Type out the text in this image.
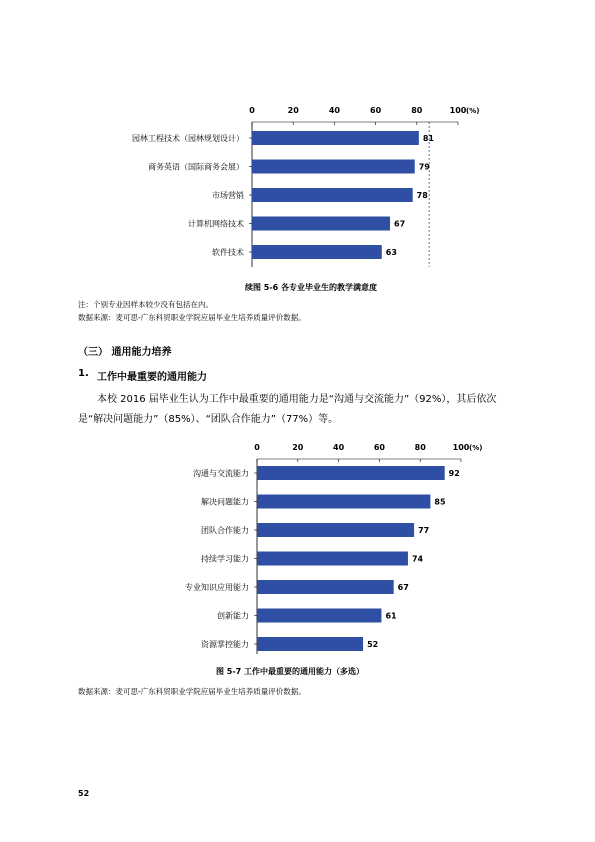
0	20	40	60	80	100 (%)
园林工程技术（园林规划设计）	81
商务英语（国际商务会展）	79
市场营销	78
计算机网络技术	67
软件技术	63
续图 5-6 各专业毕业生的教学满意度
注：个别专业因样本较少没有包括在内。
数据来源：麦可思-广东科贸职业学院应届毕业生培养质量评价数据。
（三） 通用能力培养
1. 工作中最重要的通用能力
本校 2016 届毕业生认为工作中最重要的通用能力是“沟通与交流能力”（92%），其后依次
是“解决问题能力”（85%）、“团队合作能力”（77%）等。
0	20	40	60	80	100 (%)
沟通与交流能力	92
解决问题能力	85
团队合作能力	77
持续学习能力	74
专业知识应用能力	67
创新能力	61
资源掌控能力	52
图 5-7 工作中最重要的通用能力（多选）
数据来源：麦可思-广东科贸职业学院应届毕业生培养质量评价数据。
52
